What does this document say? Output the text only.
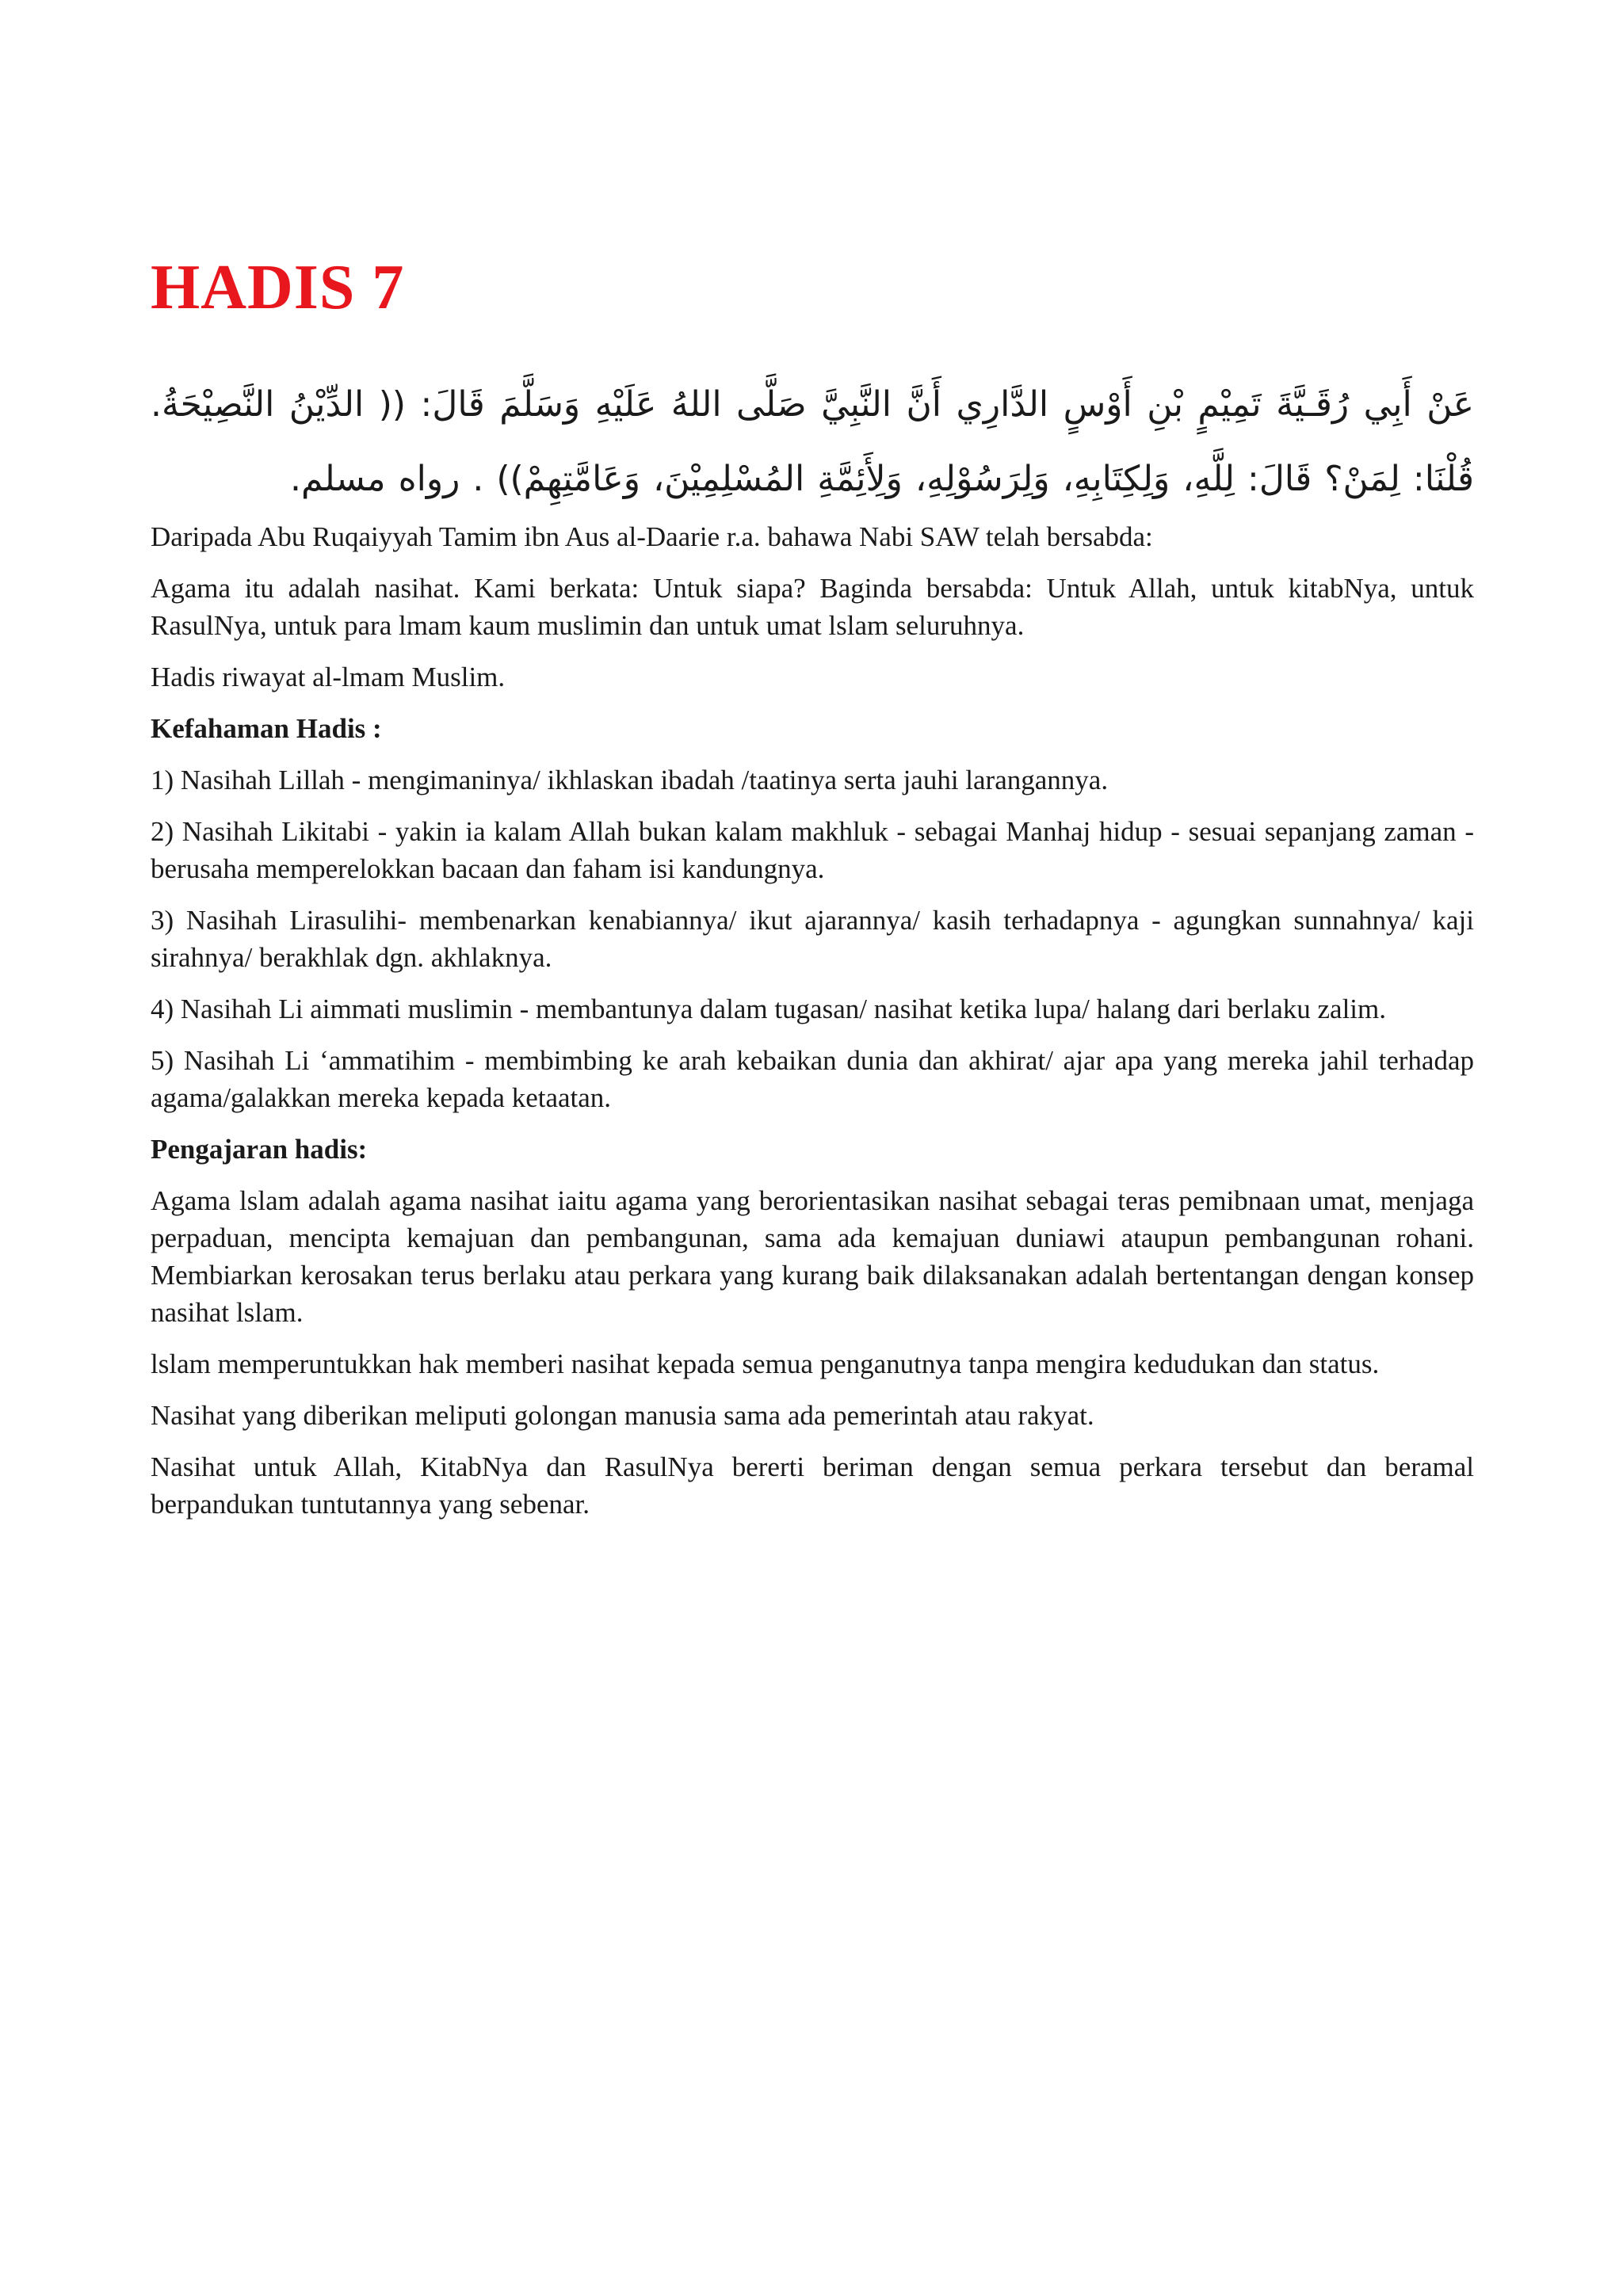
HADIS 7

عَنْ أَبِي رُقَـيَّةَ تَمِيْمٍ بْنِ أَوْسٍ الدَّارِي أَنَّ النَّبِيَّ صَلَّى اللهُ عَلَيْهِ وَسَلَّمَ قَالَ: (( الدِّيْنُ النَّصِيْحَةُ. قُلْنَا: لِمَنْ؟ قَالَ: لِلَّهِ، وَلِكِتَابِهِ، وَلِرَسُوْلِهِ، وَلِأَئِمَّةِ المُسْلِمِيْنَ، وَعَامَّتِهِمْ)) . رواه مسلم.

Daripada Abu Ruqaiyyah Tamim ibn Aus al-Daarie r.a. bahawa Nabi SAW telah bersabda:

Agama itu adalah nasihat. Kami berkata: Untuk siapa? Baginda bersabda: Untuk Allah, untuk kitabNya, untuk RasulNya, untuk para lmam kaum muslimin dan untuk umat lslam seluruhnya.

Hadis riwayat al-lmam Muslim.

Kefahaman Hadis :

1) Nasihah Lillah - mengimaninya/ ikhlaskan ibadah /taatinya serta jauhi larangannya.

2) Nasihah Likitabi - yakin ia kalam Allah bukan kalam makhluk - sebagai Manhaj hidup - sesuai sepanjang zaman -berusaha memperelokkan bacaan dan faham isi kandungnya.

3) Nasihah Lirasulihi- membenarkan kenabiannya/ ikut ajarannya/ kasih terhadapnya - agungkan sunnahnya/ kaji sirahnya/ berakhlak dgn. akhlaknya.

4) Nasihah Li aimmati muslimin - membantunya dalam tugasan/ nasihat ketika lupa/ halang dari berlaku zalim.

5) Nasihah Li ‘ammatihim - membimbing ke arah kebaikan dunia dan akhirat/ ajar apa yang mereka jahil terhadap agama/galakkan mereka kepada ketaatan.

Pengajaran hadis:

Agama lslam adalah agama nasihat iaitu agama yang berorientasikan nasihat sebagai teras pemibnaan umat, menjaga perpaduan, mencipta kemajuan dan pembangunan, sama ada kemajuan duniawi ataupun pembangunan rohani. Membiarkan kerosakan terus berlaku atau perkara yang kurang baik dilaksanakan adalah bertentangan dengan konsep nasihat lslam.

lslam memperuntukkan hak memberi nasihat kepada semua penganutnya tanpa mengira kedudukan dan status.

Nasihat yang diberikan meliputi golongan manusia sama ada pemerintah atau rakyat.

Nasihat untuk Allah, KitabNya dan RasulNya bererti beriman dengan semua perkara tersebut dan beramal berpandukan tuntutannya yang sebenar.
